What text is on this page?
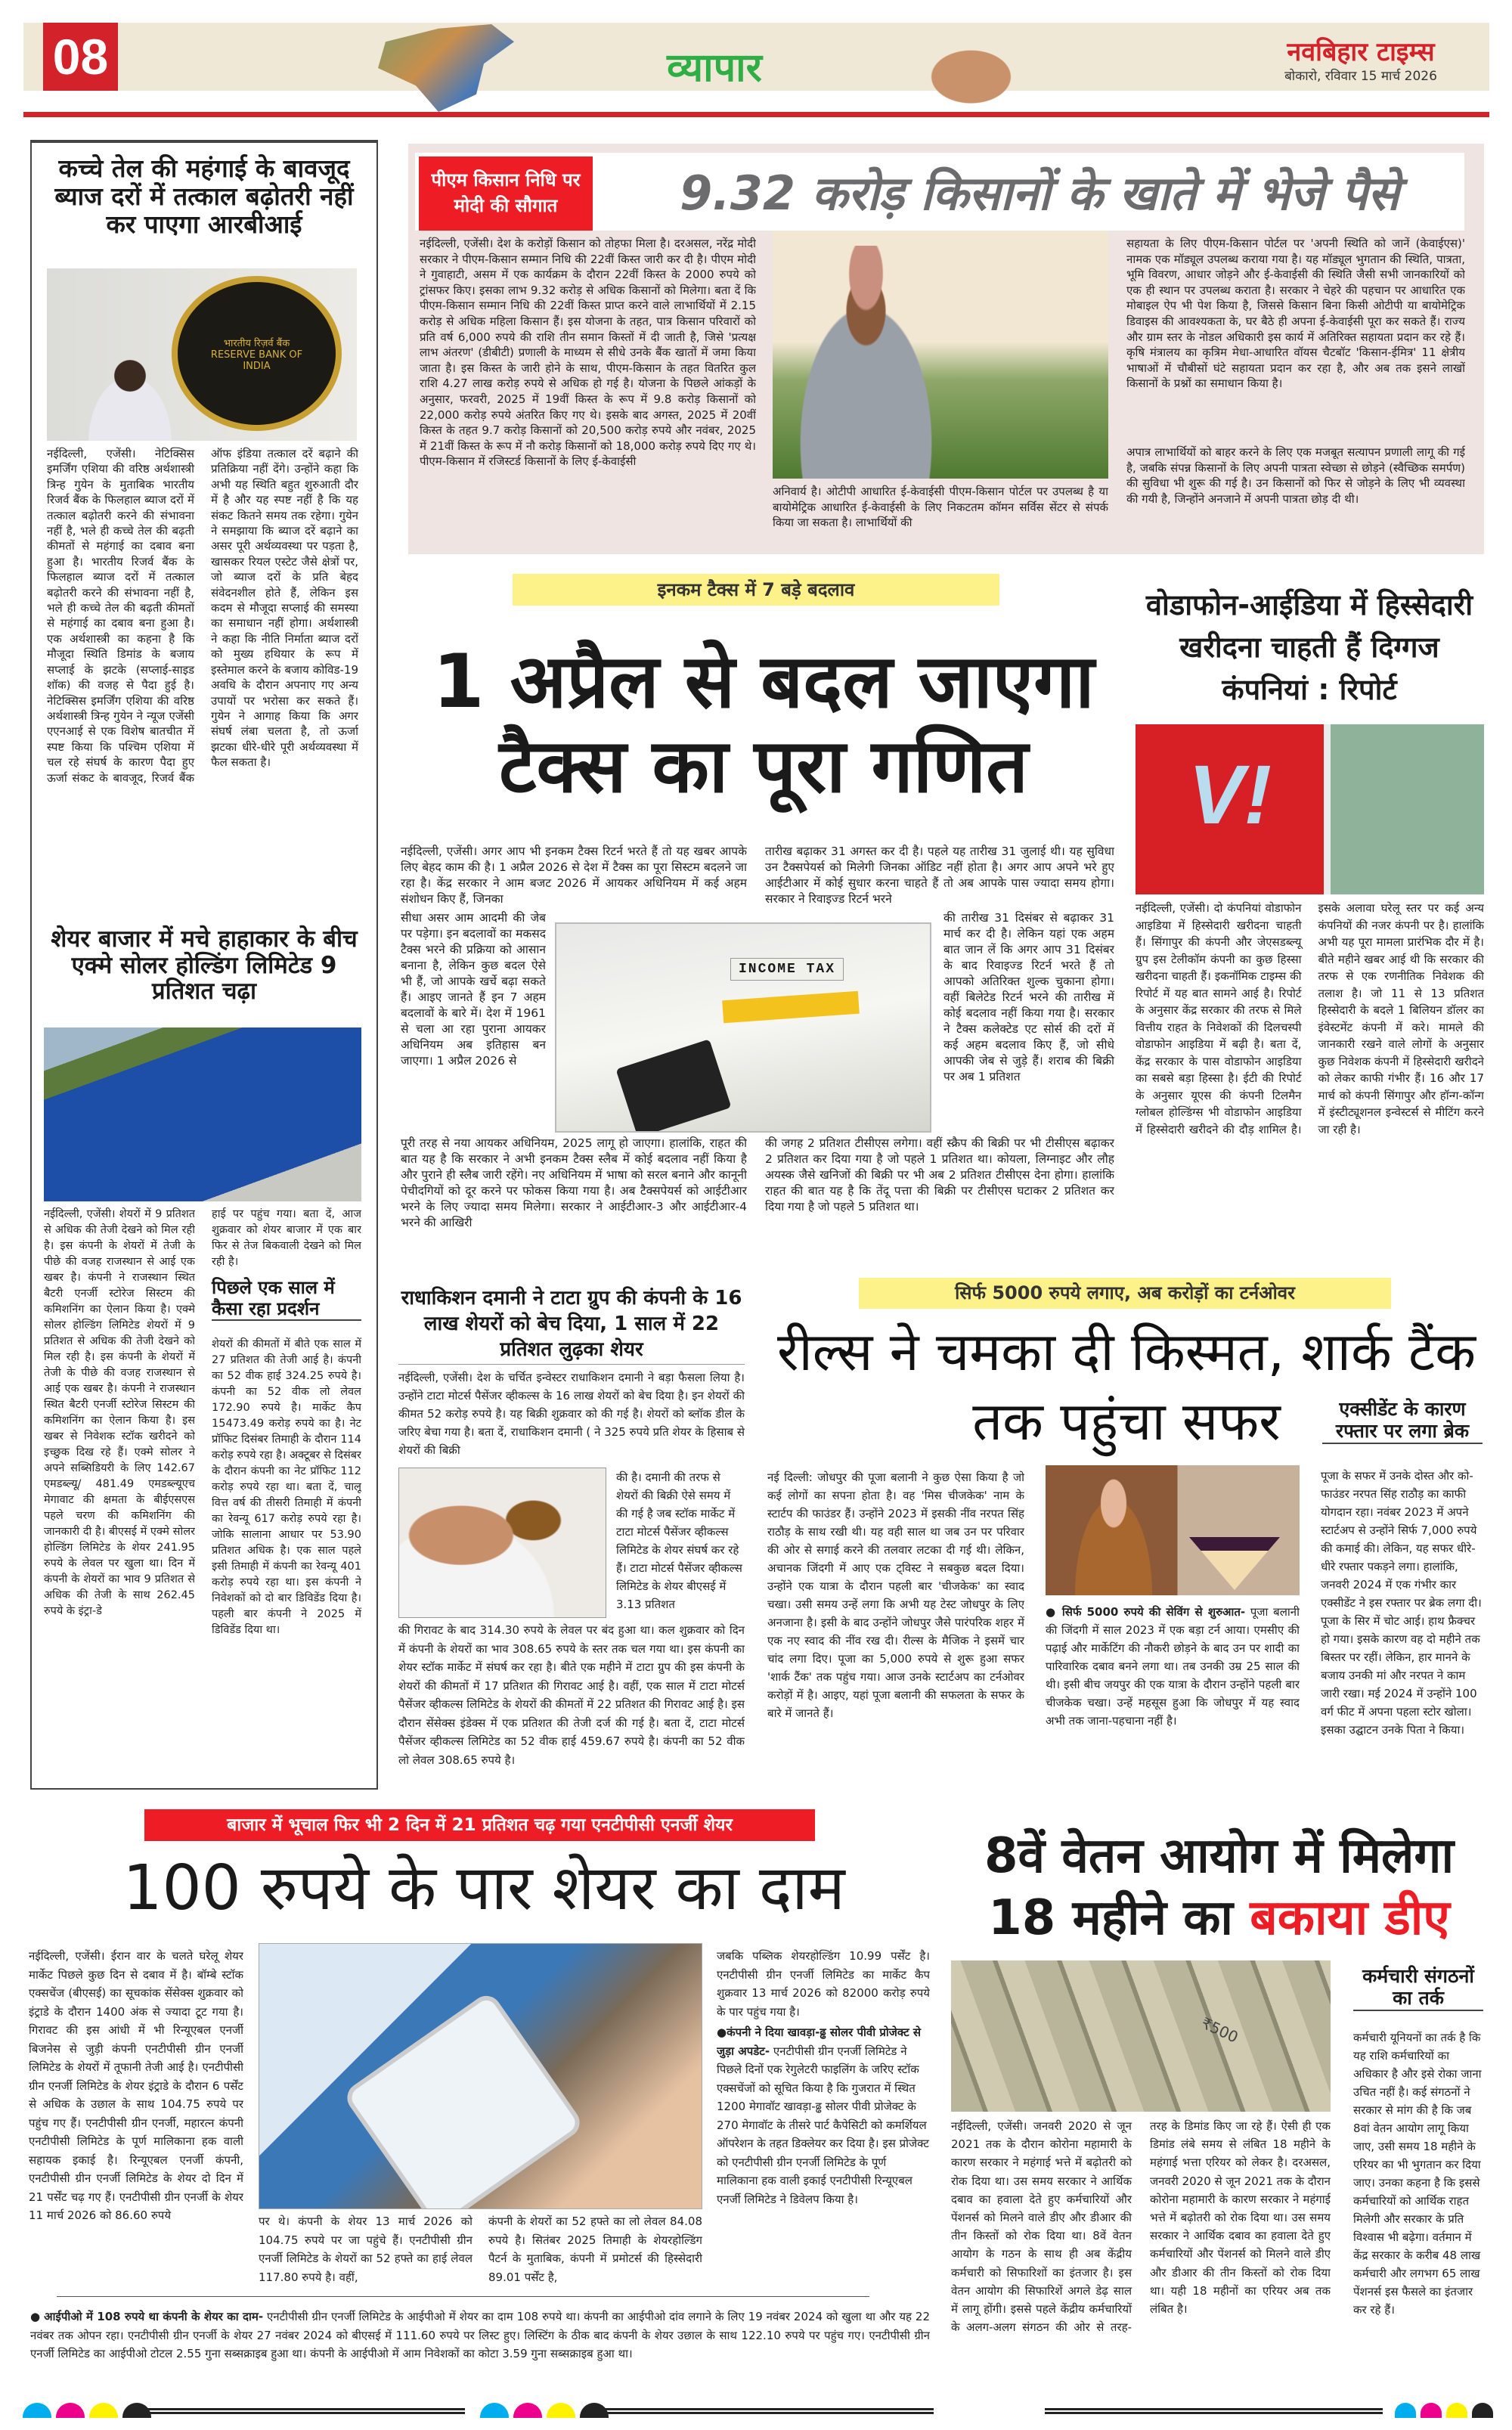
08	व्यापार	नवबिहार टाइम्स
बोकारो, रविवार 15 मार्च 2026
कच्चे तेल की महंगाई के बावजूद ब्याज दरों में तत्काल बढ़ोतरी नहीं कर पाएगा आरबीआई
भारतीय रिज़र्व बैंक RESERVE BANK OF INDIA
नईदिल्ली, एजेंसी। नेटिक्सिस इमर्जिंग एशिया की वरिष्ठ अर्थशास्त्री त्रिन्ह गुयेन के मुताबिक भारतीय रिजर्व बैंक के फिलहाल ब्याज दरों में तत्काल बढ़ोतरी करने की संभावना नहीं है, भले ही कच्चे तेल की बढ़ती कीमतों से महंगाई का दबाव बना हुआ है। भारतीय रिजर्व बैंक के फिलहाल ब्याज दरों में तत्काल बढ़ोतरी करने की संभावना नहीं है, भले ही कच्चे तेल की बढ़ती कीमतों से महंगाई का दबाव बना हुआ है। एक अर्थशास्त्री का कहना है कि मौजूदा स्थिति डिमांड के बजाय सप्लाई के झटके (सप्लाई-साइड शॉक) की वजह से पैदा हुई है। नेटिक्सिस इमर्जिंग एशिया की वरिष्ठ अर्थशास्त्री त्रिन्ह गुयेन ने न्यूज एजेंसी एएनआई से एक विशेष बातचीत में स्पष्ट किया कि पश्चिम एशिया में चल रहे संघर्ष के कारण पैदा हुए ऊर्जा संकट के बावजूद, रिजर्व बैंक ऑफ इंडिया तत्काल दरें बढ़ाने की प्रतिक्रिया नहीं देंगे। उन्होंने कहा कि अभी यह स्थिति बहुत शुरुआती दौर में है और यह स्पष्ट नहीं है कि यह संकट कितने समय तक रहेगा। गुयेन ने समझाया कि ब्याज दरें बढ़ाने का असर पूरी अर्थव्यवस्था पर पड़ता है, खासकर रियल एस्टेट जैसे क्षेत्रों पर, जो ब्याज दरों के प्रति बेहद संवेदनशील होते हैं, लेकिन इस कदम से मौजूदा सप्लाई की समस्या का समाधान नहीं होगा। अर्थशास्त्री ने कहा कि नीति निर्माता ब्याज दरों को मुख्य हथियार के रूप में इस्तेमाल करने के बजाय कोविड-19 अवधि के दौरान अपनाए गए अन्य उपायों पर भरोसा कर सकते हैं। गुयेन ने आगाह किया कि अगर संघर्ष लंबा चलता है, तो ऊर्जा झटका धीरे-धीरे पूरी अर्थव्यवस्था में फैल सकता है।
शेयर बाजार में मचे हाहाकार के बीच एक्मे सोलर होल्डिंग लिमिटेड 9 प्रतिशत चढ़ा
नईदिल्ली, एजेंसी। शेयरों में 9 प्रतिशत से अधिक की तेजी देखने को मिल रही है। इस कंपनी के शेयरों में तेजी के पीछे की वजह राजस्थान से आई एक खबर है। कंपनी ने राजस्थान स्थित बैटरी एनर्जी स्टोरेज सिस्टम की कमिशनिंग का ऐलान किया है। एक्मे सोलर होल्डिंग लिमिटेड शेयरों में 9 प्रतिशत से अधिक की तेजी देखने को मिल रही है। इस कंपनी के शेयरों में तेजी के पीछे की वजह राजस्थान से आई एक खबर है। कंपनी ने राजस्थान स्थित बैटरी एनर्जी स्टोरेज सिस्टम की कमिशनिंग का ऐलान किया है। इस खबर से निवेशक स्टॉक खरीदने को इच्छुक दिख रहे हैं। एक्मे सोलर ने अपने सब्सिडियरी के लिए 142.67 एमडब्ल्यू/ 481.49 एमडब्ल्यूएच मेगावाट की क्षमता के बीईएसएस पहले चरण की कमिशनिंग की जानकारी दी है। बीएसई में एक्मे सोलर होल्डिंग लिमिटेड के शेयर 241.95 रुपये के लेवल पर खुला था। दिन में कंपनी के शेयरों का भाव 9 प्रतिशत से अधिक की तेजी के साथ 262.45 रुपये के इंट्रा-डे
हाई पर पहुंच गया। बता दें, आज शुक्रवार को शेयर बाजार में एक बार फिर से तेज बिकवाली देखने को मिल रही है।
पिछले एक साल में कैसा रहा प्रदर्शन
शेयरों की कीमतों में बीते एक साल में 27 प्रतिशत की तेजी आई है। कंपनी का 52 वीक हाई 324.25 रुपये है। कंपनी का 52 वीक लो लेवल 172.90 रुपये है। मार्केट कैप 15473.49 करोड़ रुपये का है। नेट प्रॉफिट दिसंबर तिमाही के दौरान 114 करोड़ रुपये रहा है। अक्टूबर से दिसंबर के दौरान कंपनी का नेट प्रॉफिट 112 करोड़ रुपये रहा था। बता दें, चालू वित्त वर्ष की तीसरी तिमाही में कंपनी का रेवन्यू 617 करोड़ रुपये रहा है। जोकि सालाना आधार पर 53.90 प्रतिशत अधिक है। एक साल पहले इसी तिमाही में कंपनी का रेवन्यू 401 करोड़ रुपये रहा था। इस कंपनी ने निवेशकों को दो बार डिविडेंड दिया है। पहली बार कंपनी ने 2025 में डिविडेंड दिया था।
पीएम किसान निधि पर मोदी की सौगात	9.32 करोड़ किसानों के खाते में भेजे पैसे
नईदिल्ली, एजेंसी। देश के करोड़ों किसान को तोहफा मिला है। दरअसल, नरेंद्र मोदी सरकार ने पीएम-किसान सम्मान निधि की 22वीं किस्त जारी कर दी है। पीएम मोदी ने गुवाहाटी, असम में एक कार्यक्रम के दौरान 22वीं किस्त के 2000 रुपये को ट्रांसफर किए। इसका लाभ 9.32 करोड़ से अधिक किसानों को मिलेगा। बता दें कि पीएम-किसान सम्मान निधि की 22वीं किस्त प्राप्त करने वाले लाभार्थियों में 2.15 करोड़ से अधिक महिला किसान हैं। इस योजना के तहत, पात्र किसान परिवारों को प्रति वर्ष 6,000 रुपये की राशि तीन समान किस्तों में दी जाती है, जिसे 'प्रत्यक्ष लाभ अंतरण' (डीबीटी) प्रणाली के माध्यम से सीधे उनके बैंक खातों में जमा किया जाता है। इस किस्त के जारी होने के साथ, पीएम-किसान के तहत वितरित कुल राशि 4.27 लाख करोड़ रुपये से अधिक हो गई है। योजना के पिछले आंकड़ों के अनुसार, फरवरी, 2025 में 19वीं किस्त के रूप में 9.8 करोड़ किसानों को 22,000 करोड़ रुपये अंतरित किए गए थे। इसके बाद अगस्त, 2025 में 20वीं किस्त के तहत 9.7 करोड़ किसानों को 20,500 करोड़ रुपये और नवंबर, 2025 में 21वीं किस्त के रूप में नौ करोड़ किसानों को 18,000 करोड़ रुपये दिए गए थे। पीएम-किसान में रजिस्टर्ड किसानों के लिए ई-केवाईसी
अनिवार्य है। ओटीपी आधारित ई-केवाईसी पीएम-किसान पोर्टल पर उपलब्ध है या बायोमेट्रिक आधारित ई-केवाईसी के लिए निकटतम कॉमन सर्विस सेंटर से संपर्क किया जा सकता है। लाभार्थियों की
सहायता के लिए पीएम-किसान पोर्टल पर 'अपनी स्थिति को जानें (केवाईएस)' नामक एक मॉड्यूल उपलब्ध कराया गया है। यह मॉड्यूल भुगतान की स्थिति, पात्रता, भूमि विवरण, आधार जोड़ने और ई-केवाईसी की स्थिति जैसी सभी जानकारियों को एक ही स्थान पर उपलब्ध कराता है। सरकार ने चेहरे की पहचान पर आधारित एक मोबाइल ऐप भी पेश किया है, जिससे किसान बिना किसी ओटीपी या बायोमेट्रिक डिवाइस की आवश्यकता के, घर बैठे ही अपना ई-केवाईसी पूरा कर सकते हैं। राज्य और ग्राम स्तर के नोडल अधिकारी इस कार्य में अतिरिक्त सहायता प्रदान कर रहे हैं। कृषि मंत्रालय का कृत्रिम मेधा-आधारित वॉयस चैटबॉट 'किसान-ईमित्र' 11 क्षेत्रीय भाषाओं में चौबीसों घंटे सहायता प्रदान कर रहा है, और अब तक इसने लाखों किसानों के प्रश्नों का समाधान किया है।
अपात्र लाभार्थियों को बाहर करने के लिए एक मजबूत सत्यापन प्रणाली लागू की गई है, जबकि संपन्न किसानों के लिए अपनी पात्रता स्वेच्छा से छोड़ने (स्वैच्छिक समर्पण) की सुविधा भी शुरू की गई है। उन किसानों को फिर से जोड़ने के लिए भी व्यवस्था की गयी है, जिन्होंने अनजाने में अपनी पात्रता छोड़ दी थी।
इनकम टैक्स में 7 बड़े बदलाव
1 अप्रैल से बदल जाएगा टैक्स का पूरा गणित
नईदिल्ली, एजेंसी। अगर आप भी इनकम टैक्स रिटर्न भरते हैं तो यह खबर आपके लिए बेहद काम की है। 1 अप्रैल 2026 से देश में टैक्स का पूरा सिस्टम बदलने जा रहा है। केंद्र सरकार ने आम बजट 2026 में आयकर अधिनियम में कई अहम संशोधन किए हैं, जिनका
सीधा असर आम आदमी की जेब पर पड़ेगा। इन बदलावों का मकसद टैक्स भरने की प्रक्रिया को आसान बनाना है, लेकिन कुछ बदल ऐसे भी हैं, जो आपके खर्चे बढ़ा सकते हैं। आइए जानते हैं इन 7 अहम बदलावों के बारे में। देश में 1961 से चला आ रहा पुराना आयकर अधिनियम अब इतिहास बन जाएगा। 1 अप्रैल 2026 से
पूरी तरह से नया आयकर अधिनियम, 2025 लागू हो जाएगा। हालांकि, राहत की बात यह है कि सरकार ने अभी इनकम टैक्स स्लैब में कोई बदलाव नहीं किया है और पुराने ही स्लैब जारी रहेंगे। नए अधिनियम में भाषा को सरल बनाने और कानूनी पेचीदगियों को दूर करने पर फोकस किया गया है। अब टैक्सपेयर्स को आईटीआर भरने के लिए ज्यादा समय मिलेगा। सरकार ने आईटीआर-3 और आईटीआर-4 भरने की आखिरी
INCOME TAX
तारीख बढ़ाकर 31 अगस्त कर दी है। पहले यह तारीख 31 जुलाई थी। यह सुविधा उन टैक्सपेयर्स को मिलेगी जिनका ऑडिट नहीं होता है। अगर आप अपने भरे हुए आईटीआर में कोई सुधार करना चाहते हैं तो अब आपके पास ज्यादा समय होगा। सरकार ने रिवाइज्ड रिटर्न भरने
की तारीख 31 दिसंबर से बढ़ाकर 31 मार्च कर दी है। लेकिन यहां एक अहम बात जान लें कि अगर आप 31 दिसंबर के बाद रिवाइज्ड रिटर्न भरते हैं तो आपको अतिरिक्त शुल्क चुकाना होगा। वहीं बिलेटेड रिटर्न भरने की तारीख में कोई बदलाव नहीं किया गया है। सरकार ने टैक्स कलेक्टेड एट सोर्स की दरों में कई अहम बदलाव किए हैं, जो सीधे आपकी जेब से जुड़े हैं। शराब की बिक्री पर अब 1 प्रतिशत
की जगह 2 प्रतिशत टीसीएस लगेगा। वहीं स्क्रैप की बिक्री पर भी टीसीएस बढ़ाकर 2 प्रतिशत कर दिया गया है जो पहले 1 प्रतिशत था। कोयला, लिग्नाइट और लौह अयस्क जैसे खनिजों की बिक्री पर भी अब 2 प्रतिशत टीसीएस देना होगा। हालांकि राहत की बात यह है कि तेंदू पत्ता की बिक्री पर टीसीएस घटाकर 2 प्रतिशत कर दिया गया है जो पहले 5 प्रतिशत था।
वोडाफोन-आईडिया में हिस्सेदारी खरीदना चाहती हैं दिग्गज कंपनियां : रिपोर्ट
V!
नईदिल्ली, एजेंसी। दो कंपनियां वोडाफोन आइडिया में हिस्सेदारी खरीदना चाहती हैं। सिंगापुर की कंपनी और जेएसडब्ल्यू ग्रुप इस टेलीकॉम कंपनी का कुछ हिस्सा खरीदना चाहती हैं। इकनॉमिक टाइम्स की रिपोर्ट में यह बात सामने आई है। रिपोर्ट के अनुसार केंद्र सरकार की तरफ से मिले वित्तीय राहत के निवेशकों की दिलचस्पी वोडाफोन आइडिया में बढ़ी है। बता दें, केंद्र सरकार के पास वोडाफोन आइडिया का सबसे बड़ा हिस्सा है। ईटी की रिपोर्ट के अनुसार यूएस की कंपनी टिलमैन ग्लोबल होल्डिंग्स भी वोडाफोन आइडिया में हिस्सेदारी खरीदने की दौड़ शामिल है। इसके अलावा घरेलू स्तर पर कई अन्य कंपनियों की नजर कंपनी पर है। हालांकि अभी यह पूरा मामला प्रारंभिक दौर में है। बीते महीने खबर आई थी कि सरकार की तरफ से एक रणनीतिक निवेशक की तलाश है। जो 11 से 13 प्रतिशत हिस्सेदारी के बदले 1 बिलियन डॉलर का इंवेस्टमेंट कंपनी में करे। मामले की जानकारी रखने वाले लोगों के अनुसार कुछ निवेशक कंपनी में हिस्सेदारी खरीदने को लेकर काफी गंभीर हैं। 16 और 17 मार्च को कंपनी सिंगापुर और हॉन्ग-कॉन्ग में इंस्टीट्यूशनल इन्वेस्टर्स से मीटिंग करने जा रही है।
राधाकिशन दमानी ने टाटा ग्रुप की कंपनी के 16 लाख शेयरों को बेच दिया, 1 साल में 22 प्रतिशत लुढ़का शेयर
नईदिल्ली, एजेंसी। देश के चर्चित इन्वेस्टर राधाकिशन दमानी ने बड़ा फैसला लिया है। उन्होंने टाटा मोटर्स पैसेंजर व्हीकल्स के 16 लाख शेयरों को बेच दिया है। इन शेयरों की कीमत 52 करोड़ रुपये है। यह बिक्री शुक्रवार को की गई है। शेयरों को ब्लॉक डील के जरिए बेचा गया है। बता दें, राधाकिशन दमानी ( ने 325 रुपये प्रति शेयर के हिसाब से शेयरों की बिक्री
की है। दमानी की तरफ से शेयरों की बिक्री ऐसे समय में की गई है जब स्टॉक मार्केट में टाटा मोटर्स पैसेंजर व्हीकल्स लिमिटेड के शेयर संघर्ष कर रहे हैं। टाटा मोटर्स पैसेंजर व्हीकल्स लिमिटेड के शेयर बीएसई में 3.13 प्रतिशत
की गिरावट के बाद 314.30 रुपये के लेवल पर बंद हुआ था। कल शुक्रवार को दिन में कंपनी के शेयरों का भाव 308.65 रुपये के स्तर तक चल गया था। इस कंपनी का शेयर स्टॉक मार्केट में संघर्ष कर रहा है। बीते एक महीने में टाटा ग्रुप की इस कंपनी के शेयरों की कीमतों में 17 प्रतिशत की गिरावट आई है। वहीं, एक साल में टाटा मोटर्स पैसेंजर व्हीकल्स लिमिटेड के शेयरों की कीमतों में 22 प्रतिशत की गिरावट आई है। इस दौरान सेंसेक्स इंडेक्स में एक प्रतिशत की तेजी दर्ज की गई है। बता दें, टाटा मोटर्स पैसेंजर व्हीकल्स लिमिटेड का 52 वीक हाई 459.67 रुपये है। कंपनी का 52 वीक लो लेवल 308.65 रुपये है।
सिर्फ 5000 रुपये लगाए, अब करोड़ों का टर्नओवर
रील्स ने चमका दी किस्मत, शार्क टैंक तक पहुंचा सफर	एक्सीडेंट के कारण रफ्तार पर लगा ब्रेक
नई दिल्ली: जोधपुर की पूजा बलानी ने कुछ ऐसा किया है जो कई लोगों का सपना होता है। वह 'मिस चीजकेक' नाम के स्टार्टप की फाउंडर हैं। उन्होंने 2023 में इसकी नींव नरपत सिंह राठौड़ के साथ रखी थी। यह वही साल था जब उन पर परिवार की ओर से सगाई करने की तलवार लटका दी गई थी। लेकिन, अचानक जिंदगी में आए एक ट्विस्ट ने सबकुछ बदल दिया। उन्होंने एक यात्रा के दौरान पहली बार 'चीजकेक' का स्वाद चखा। उसी समय उन्हें लगा कि अभी यह टेस्ट जोधपुर के लिए अनजाना है। इसी के बाद उन्होंने जोधपुर जैसे पारंपरिक शहर में एक नए स्वाद की नींव रख दी। रील्स के मैजिक ने इसमें चार चांद लगा दिए। पूजा का 5,000 रुपये से शुरू हुआ सफर 'शार्क टैंक' तक पहुंच गया। आज उनके स्टार्टअप का टर्नओवर करोड़ों में है। आइए, यहां पूजा बलानी की सफलता के सफर के बारे में जानते हैं।
● सिर्फ 5000 रुपये की सेविंग से शुरुआत- पूजा बलानी की जिंदगी में साल 2023 में एक बड़ा टर्न आया। एमसीए की पढ़ाई और मार्केटिंग की नौकरी छोड़ने के बाद उन पर शादी का पारिवारिक दबाव बनने लगा था। तब उनकी उम्र 25 साल की थी। इसी बीच जयपुर की एक यात्रा के दौरान उन्होंने पहली बार चीजकेक चखा। उन्हें महसूस हुआ कि जोधपुर में यह स्वाद अभी तक जाना-पहचाना नहीं है।
पूजा के सफर में उनके दोस्त और को-फाउंडर नरपत सिंह राठौड़ का काफी योगदान रहा। नवंबर 2023 में अपने स्टार्टअप से उन्होंने सिर्फ 7,000 रुपये की कमाई की। लेकिन, यह सफर धीरे-धीरे रफ्तार पकड़ने लगा। हालांकि, जनवरी 2024 में एक गंभीर कार एक्सीडेंट ने इस रफ्तार पर ब्रेक लगा दी। पूजा के सिर में चोट आई। हाथ फ्रैक्चर हो गया। इसके कारण वह दो महीने तक बिस्तर पर रहीं। लेकिन, हार मानने के बजाय उनकी मां और नरपत ने काम जारी रखा। मई 2024 में उन्होंने 100 वर्ग फीट में अपना पहला स्टोर खोला। इसका उद्घाटन उनके पिता ने किया।
बाजार में भूचाल फिर भी 2 दिन में 21 प्रतिशत चढ़ गया एनटीपीसी एनर्जी शेयर
100 रुपये के पार शेयर का दाम
नईदिल्ली, एजेंसी। ईरान वार के चलते घरेलू शेयर मार्केट पिछले कुछ दिन से दबाव में है। बॉम्बे स्टॉक एक्सचेंज (बीएसई) का सूचकांक सेंसेक्स शुक्रवार को इंट्राडे के दौरान 1400 अंक से ज्यादा टूट गया है। गिरावट की इस आंधी में भी रिन्यूएबल एनर्जी बिजनेस से जुड़ी कंपनी एनटीपीसी ग्रीन एनर्जी लिमिटेड के शेयरों में तूफानी तेजी आई है। एनटीपीसी ग्रीन एनर्जी लिमिटेड के शेयर इंट्राडे के दौरान 6 पर्सेंट से अधिक के उछाल के साथ 104.75 रुपये पर पहुंच गए हैं। एनटीपीसी ग्रीन एनर्जी, महारत्न कंपनी एनटीपीसी लिमिटेड के पूर्ण मालिकाना हक वाली सहायक इकाई है। रिन्यूएबल एनर्जी कंपनी, एनटीपीसी ग्रीन एनर्जी लिमिटेड के शेयर दो दिन में 21 पर्सेंट चढ़ गए हैं। एनटीपीसी ग्रीन एनर्जी के शेयर 11 मार्च 2026 को 86.60 रुपये	पर थे। कंपनी के शेयर 13 मार्च 2026 को 104.75 रुपये पर जा पहुंचे हैं। एनटीपीसी ग्रीन एनर्जी लिमिटेड के शेयरों का 52 हफ्ते का हाई लेवल 117.80 रुपये है। वहीं,
कंपनी के शेयरों का 52 हफ्ते का लो लेवल 84.08 रुपये है। सितंबर 2025 तिमाही के शेयरहोल्डिंग पैटर्न के मुताबिक, कंपनी में प्रमोटर्स की हिस्सेदारी 89.01 पर्सेंट है,
जबकि पब्लिक शेयरहोल्डिंग 10.99 पर्सेंट है। एनटीपीसी ग्रीन एनर्जी लिमिटेड का मार्केट कैप शुक्रवार 13 मार्च 2026 को 82000 करोड़ रुपये के पार पहुंच गया है।
●कंपनी ने दिया खावड़ा-ढ्ढ सोलर पीवी प्रोजेक्ट से जुड़ा अपडेट- एनटीपीसी ग्रीन एनर्जी लिमिटेड ने पिछले दिनों एक रेगुलेटरी फाइलिंग के जरिए स्टॉक एक्सचेंजों को सूचित किया है कि गुजरात में स्थित 1200 मेगावॉट खावड़ा-ढ्ढ सोलर पीवी प्रोजेक्ट के 270 मेगावॉट के तीसरे पार्ट कैपेसिटी को कमर्शियल ऑपरेशन के तहत डिक्लेयर कर दिया है। इस प्रोजेक्ट को एनटीपीसी ग्रीन एनर्जी लिमिटेड के पूर्ण मालिकाना हक वाली इकाई एनटीपीसी रिन्यूएबल एनर्जी लिमिटेड ने डिवेलप किया है।
● आईपीओ में 108 रुपये था कंपनी के शेयर का दाम- एनटीपीसी ग्रीन एनर्जी लिमिटेड के आईपीओ में शेयर का दाम 108 रुपये था। कंपनी का आईपीओ दांव लगाने के लिए 19 नवंबर 2024 को खुला था और यह 22 नवंबर तक ओपन रहा। एनटीपीसी ग्रीन एनर्जी के शेयर 27 नवंबर 2024 को बीएसई में 111.60 रुपये पर लिस्ट हुए। लिस्टिंग के ठीक बाद कंपनी के शेयर उछाल के साथ 122.10 रुपये पर पहुंच गए। एनटीपीसी ग्रीन एनर्जी लिमिटेड का आईपीओ टोटल 2.55 गुना सब्सक्राइब हुआ था। कंपनी के आईपीओ में आम निवेशकों का कोटा 3.59 गुना सब्सक्राइब हुआ था।
8वें वेतन आयोग में मिलेगा
18 महीने का बकाया डीए
₹500
नईदिल्ली, एजेंसी। जनवरी 2020 से जून 2021 तक के दौरान कोरोना महामारी के कारण सरकार ने महंगाई भत्ते में बढ़ोतरी को रोक दिया था। उस समय सरकार ने आर्थिक दबाव का हवाला देते हुए कर्मचारियों और पेंशनर्स को मिलने वाले डीए और डीआर की तीन किस्तों को रोक दिया था। 8वें वेतन आयोग के गठन के साथ ही अब केंद्रीय कर्मचारी को सिफारिशों का इंतजार है। इस वेतन आयोग की सिफारिशें अगले डेढ़ साल में लागू होंगी। इससे पहले केंद्रीय कर्मचारियों के अलग-अलग संगठन की ओर से तरह-तरह के डिमांड किए जा रहे हैं। ऐसी ही एक डिमांड लंबे समय से लंबित 18 महीने के महंगाई भत्ता एरियर को लेकर है। दरअसल, जनवरी 2020 से जून 2021 तक के दौरान कोरोना महामारी के कारण सरकार ने महंगाई भत्ते में बढ़ोतरी को रोक दिया था। उस समय सरकार ने आर्थिक दबाव का हवाला देते हुए कर्मचारियों और पेंशनर्स को मिलने वाले डीए और डीआर की तीन किस्तों को रोक दिया था। यही 18 महीनों का एरियर अब तक लंबित है।
कर्मचारी संगठनों का तर्क
कर्मचारी यूनियनों का तर्क है कि यह राशि कर्मचारियों का अधिकार है और इसे रोका जाना उचित नहीं है। कई संगठनों ने सरकार से मांग की है कि जब 8वां वेतन आयोग लागू किया जाए, उसी समय 18 महीने के एरियर का भी भुगतान कर दिया जाए। उनका कहना है कि इससे कर्मचारियों को आर्थिक राहत मिलेगी और सरकार के प्रति विश्वास भी बढ़ेगा। वर्तमान में केंद्र सरकार के करीब 48 लाख कर्मचारी और लगभग 65 लाख पेंशनर्स इस फैसले का इंतजार कर रहे हैं।
